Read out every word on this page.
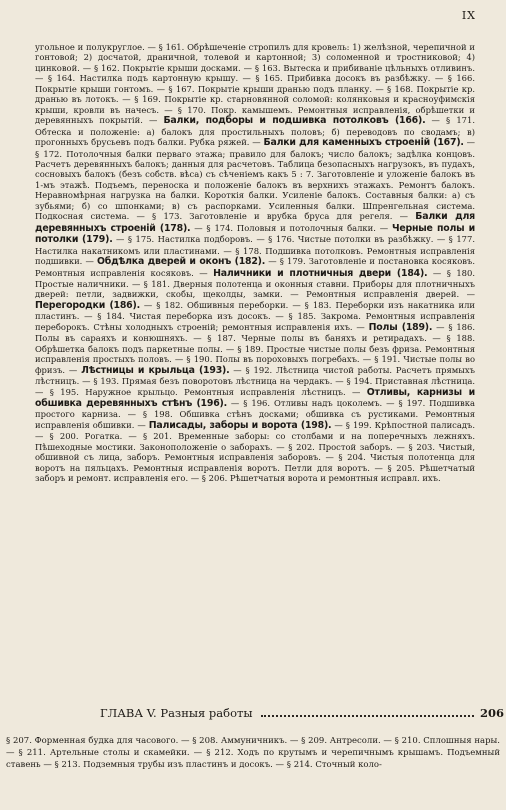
IX
угольное и полукруглое. — § 161. Обрѣшеченіе стропилъ для кровель: 1) желѣзной, черепичной и гонтовой; 2) досчатой, драничной, толевой и картонной; 3) соломенной и тростниковой; 4) цинковой. — § 162. Покрытіе крыши досками. — § 163. Вытеска и прибиваніе цѣльныхъ отливинъ. — § 164. Настилка подъ картонную крышу. — § 165. Прибивка досокъ въ разбѣжку. — § 166. Покрытіе крыши гонтомъ. — § 167. Покрытіе крыши дранью подъ планку. — § 168. Покрытіе кр. дранью въ лотокъ. — § 169. Покрытіе кр. старновянной соломой: колянковыя и красноуфимскія крыши, кровли въ начесъ. — § 170. Покр. камышемъ. Ремонтныя исправленія, обрѣшетки и деревянныхъ покрытій. — Балки, подборы и подшивка потолковъ (166). — § 171. Обтеска и положеніе: а) балокъ для простильныхъ половъ; б) переводовъ по сводамъ; в) прогонныхъ брусьевъ подъ балки. Рубка ряжей. — Балки для каменныхъ строеній (167). — § 172. Потолочныя балки перваго этажа; правило для балокъ; число балокъ; задѣлка концовъ. Расчетъ деревянныхъ балокъ; данныя для расчетовъ. Таблица безопасныхъ нагрузокъ, въ пудахъ, сосновыхъ балокъ (безъ собств. вѣса) съ сѣченіемъ какъ 5 : 7. Заготовленіе и уложеніе балокъ въ 1-мъ этажѣ. Подъемъ, переноска и положеніе балокъ въ верхнихъ этажахъ. Ремонтъ балокъ. Неравномѣрная нагрузка на балки. Короткія балки. Усиленіе балокъ. Составныя балки: а) съ зубьями; б) со шпонками; в) съ распорками. Усиленныя балки. Шпренгельная система. Подкосная система. — § 173. Заготовленіе и врубка бруса для регеля. — Балки для деревянныхъ строеній (178). — § 174. Половыя и потолочныя балки. — Черные полы и потолки (179). — § 175. Настилка подборовъ. — § 176. Чистые потолки въ разбѣжку. — § 177. Настилка накатникомъ или пластинами. — § 178. Подшивка потолковъ. Ремонтныя исправленія подшивки. — Обдѣлка дверей и оконъ (182). — § 179. Заготовленіе и постановка косяковъ. Ремонтныя исправленія косяковъ. — Наличники и плотничныя двери (184). — § 180. Простые наличники. — § 181. Дверныя полотенца и оконныя ставни. Приборы для плотничныхъ дверей: петли, задвижки, скобы, щеколды, замки. — Ремонтныя исправленія дверей. — Перегородки (186). — § 182. Обшивныя переборки. — § 183. Переборки изъ накатника или пластинъ. — § 184. Чистая переборка изъ досокъ. — § 185. Закрома. Ремонтныя исправленія переборокъ. Стѣны холодныхъ строеній; ремонтныя исправленія ихъ. — Полы (189). — § 186. Полы въ сараяхъ и конюшняхъ. — § 187. Черные полы въ баняхъ и ретирадахъ. — § 188. Обрѣшетка балокъ подъ паркетные полы. — § 189. Простые чистые полы безъ фриза. Ремонтныя исправленія простыхъ половъ. — § 190. Полы въ пороховыхъ погребахъ. — § 191. Чистые полы во фризъ. — Лѣстницы и крыльца (193). — § 192. Лѣстница чистой работы. Расчетъ прямыхъ лѣстницъ. — § 193. Прямая безъ поворотовъ лѣстница на чердакъ. — § 194. Приставная лѣстница. — § 195. Наружное крыльцо. Ремонтныя исправленія лѣстницъ. — Отливы, карнизы и обшивка деревянныхъ стѣнъ (196). — § 196. Отливы надъ цоколемъ. — § 197. Подшивка простого карниза. — § 198. Обшивка стѣнъ досками; обшивка съ рустиками. Ремонтныя исправленія обшивки. — Палисады, заборы и ворота (198). — § 199. Крѣпостной палисадъ. — § 200. Рогатка. — § 201. Временные заборы: со столбами и на поперечныхъ лежняхъ. Пѣшеходные мостики. Законоположеніе о заборахъ. — § 202. Простой заборъ. — § 203. Чистый, обшивной съ лица, заборъ. Ремонтныя исправленія заборовъ. — § 204. Чистыя полотенца для воротъ на пяльцахъ. Ремонтныя исправленія воротъ. Петли для воротъ. — § 205. Рѣшетчатый заборъ и ремонт. исправленія его. — § 206. Рѣшетчатыя ворота и ремонтныя исправл. ихъ.
ГЛАВА V. Разныя работы	206
§ 207. Форменная будка для часового. — § 208. Аммуничникъ. — § 209. Антресоли. — § 210. Сплошныя нары. — § 211. Артельные столы и скамейки. — § 212. Ходъ по крутымъ и черепичнымъ крышамъ. Подъемный ставень — § 213. Подземныя трубы изъ пластинъ и досокъ. — § 214. Сточный коло-
